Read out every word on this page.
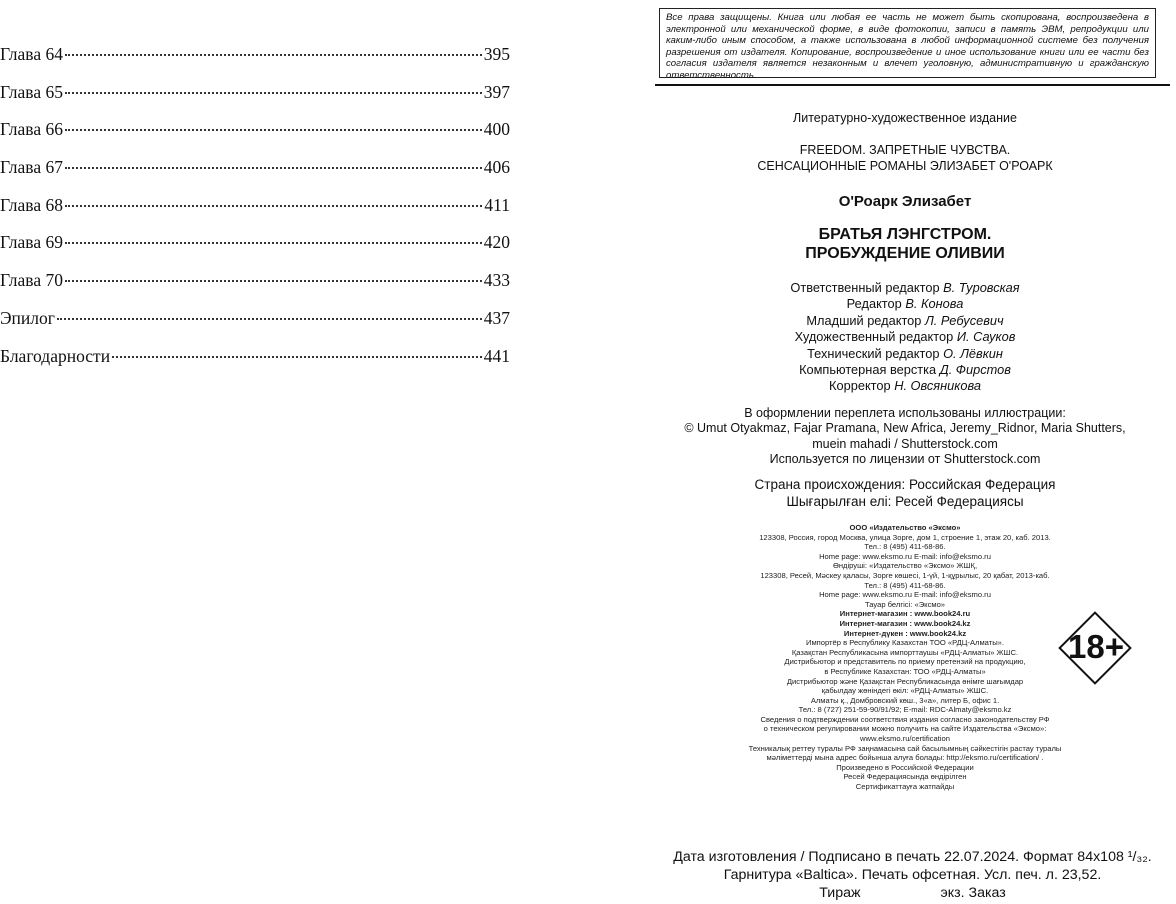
Глава 64	395
Глава 65	397
Глава 66	400
Глава 67	406
Глава 68	411
Глава 69	420
Глава 70	433
Эпилог	437
Благодарности	441
Все права защищены. Книга или любая ее часть не может быть скопирована, воспроизведена в электронной или механической форме, в виде фотокопии, записи в память ЭВМ, репродукции или каким-либо иным способом, а также использована в любой информационной системе без получения разрешения от издателя. Копирование, воспроизведение и иное использование книги или ее части без согласия издателя является незаконным и влечет уголовную, административную и гражданскую ответственность.
Литературно-художественное издание
FREEDOM. ЗАПРЕТНЫЕ ЧУВСТВА.
СЕНСАЦИОННЫЕ РОМАНЫ ЭЛИЗАБЕТ О'РОАРК
О'Роарк Элизабет
БРАТЬЯ ЛЭНГСТРОМ.
ПРОБУЖДЕНИЕ ОЛИВИИ
Ответственный редактор В. Туровская
Редактор В. Конова
Младший редактор Л. Ребусевич
Художественный редактор И. Сауков
Технический редактор О. Лёвкин
Компьютерная верстка Д. Фирстов
Корректор Н. Овсяникова
В оформлении переплета использованы иллюстрации:
© Umut Otyakmaz, Fajar Pramana, New Africa, Jeremy_Ridnor, Maria Shutters,
muein mahadi / Shutterstock.com
Используется по лицензии от Shutterstock.com
Страна происхождения: Российская Федерация
Шығарылған елі: Ресей Федерациясы
ООО «Издательство «Эксмо»
123308, Россия, город Москва, улица Зорге, дом 1, строение 1, этаж 20, каб. 2013.
Тел.: 8 (495) 411-68-86.
Home page: www.eksmo.ru E-mail: info@eksmo.ru
Өндіруші: «Издательство «Эксмо» ЖШҚ,
123308, Ресей, Мәскеу қаласы, Зорге көшесі, 1-үй, 1-құрылыс, 20 қабат, 2013-каб.
Тел.: 8 (495) 411-68-86.
Home page: www.eksmo.ru E-mail: info@eksmo.ru
Тауар белгісі: «Эксмо»
Интернет-магазин : www.book24.ru
Интернет-магазин : www.book24.kz
Интернет-дүкен : www.book24.kz
Импортёр в Республику Казахстан ТОО «РДЦ-Алматы».
Қазақстан Республикасына импорттаушы «РДЦ-Алматы» ЖШС.
Дистрибьютор и представитель по приему претензий на продукцию,
в Республике Казахстан: ТОО «РДЦ-Алматы»
Дистрибьютор және Қазақстан Республикасында өнімге шағымдар
қабылдау жөніндегі өкіл: «РДЦ-Алматы» ЖШС.
Алматы қ., Домбровский көш., 3«а», литер Б, офис 1.
Тел.: 8 (727) 251-59-90/91/92; E-mail: RDC-Almaty@eksmo.kz
Сведения о подтверждении соответствия издания согласно законодательству РФ
о техническом регулировании можно получить на сайте Издательства «Эксмо»:
www.eksmo.ru/certification
Техникалық реттеу туралы РФ заңнамасына сай басылымның сәйкестігін растау туралы
мәліметтерді мына адрес бойынша алуға болады: http://eksmo.ru/certification/ .
Произведено в Российской Федерации
Ресей Федерациясында өндірілген
Сертификаттауға жатпайды
18+
Дата изготовления / Подписано в печать 22.07.2024. Формат 84x108 ¹/₃₂.
Гарнитура «Baltica». Печать офсетная. Усл. печ. л. 23,52.
Тираж	экз. Заказ
